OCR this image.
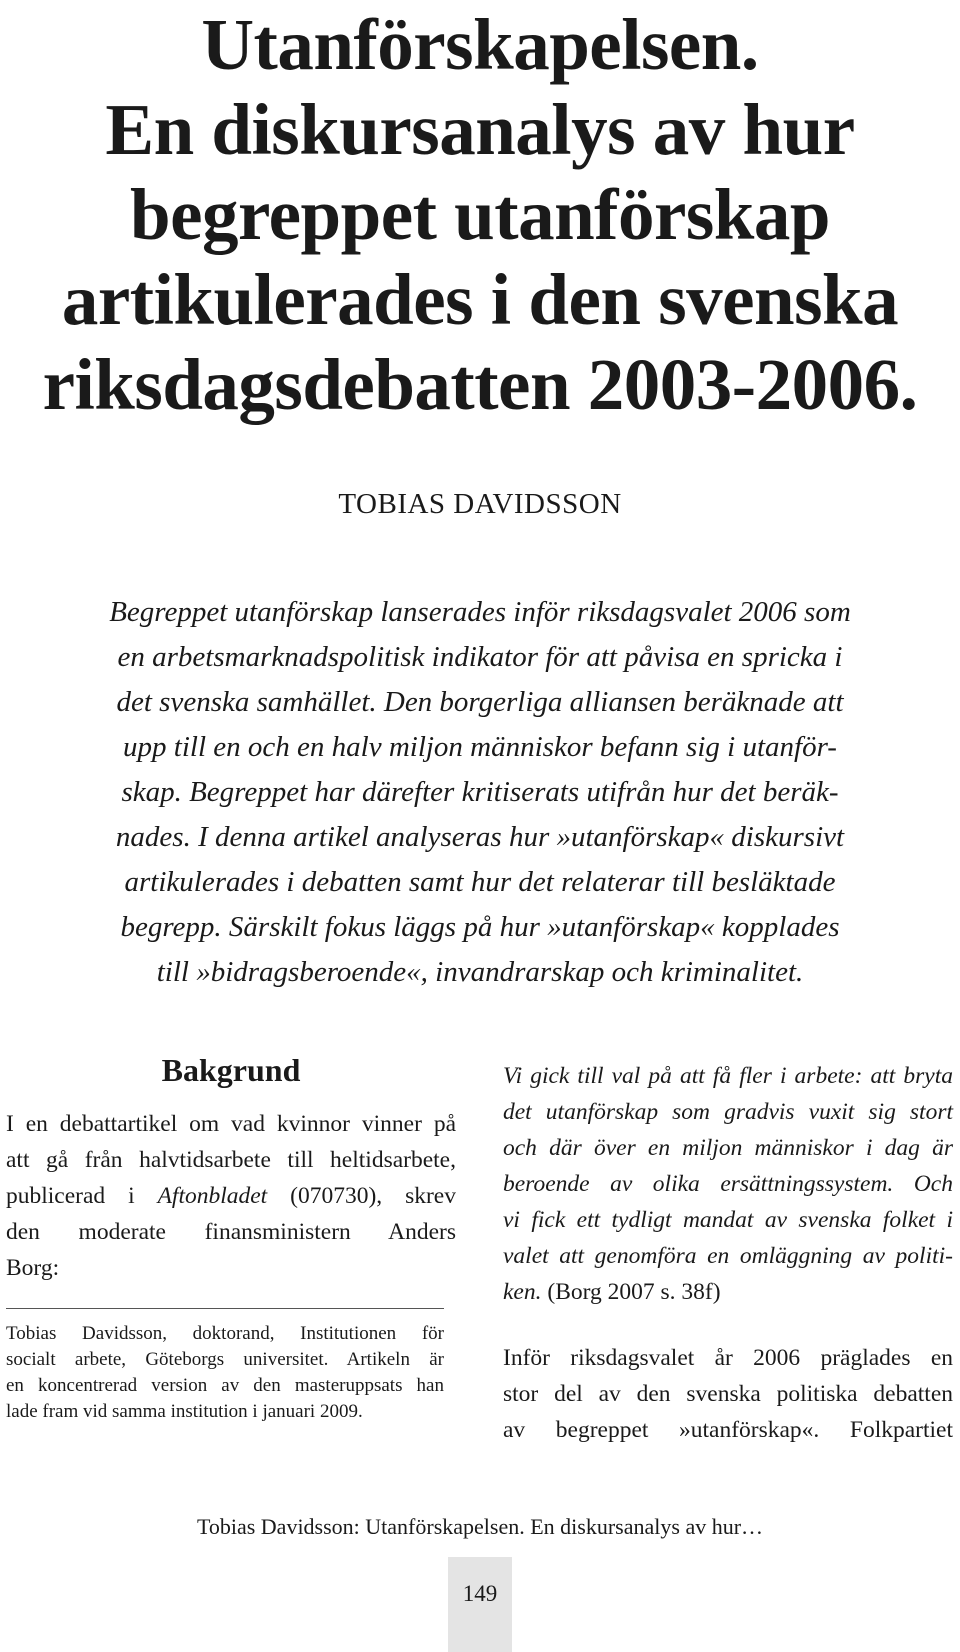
Utanförskapelsen.
En diskursanalys av hur
begreppet utanförskap
artikulerades i den svenska
riksdagsdebatten 2003-2006.
TOBIAS DAVIDSSON

Begreppet utanförskap lanserades inför riksdagsvalet 2006 som
en arbetsmarknadspolitisk indikator för att påvisa en spricka i
det svenska samhället. Den borgerliga alliansen beräknade att
upp till en och en halv miljon människor befann sig i utanför-
skap. Begreppet har därefter kritiserats utifrån hur det beräk-
nades. I denna artikel analyseras hur »utanförskap« diskursivt
artikulerades i debatten samt hur det relaterar till besläktade
begrepp. Särskilt fokus läggs på hur »utanförskap« kopplades
till »bidragsberoende«, invandrarskap och kriminalitet.

Bakgrund

I en debattartikel om vad kvinnor vinner på
att gå från halvtidsarbete till heltidsarbete,
publicerad i Aftonbladet (070730), skrev
den moderate finansministern Anders
Borg:

Tobias Davidsson, doktorand, Institutionen för
socialt arbete, Göteborgs universitet. Artikeln är
en koncentrerad version av den masteruppsats han
lade fram vid samma institution i januari 2009.

Vi gick till val på att få fler i arbete: att bryta
det utanförskap som gradvis vuxit sig stort
och där över en miljon människor i dag är
beroende av olika ersättningssystem. Och
vi fick ett tydligt mandat av svenska folket i
valet att genomföra en omläggning av politi-
ken. (Borg 2007 s. 38f)

Inför riksdagsvalet år 2006 präglades en
stor del av den svenska politiska debatten
av begreppet »utanförskap«. Folkpartiet

Tobias Davidsson: Utanförskapelsen. En diskursanalys av hur…
149
